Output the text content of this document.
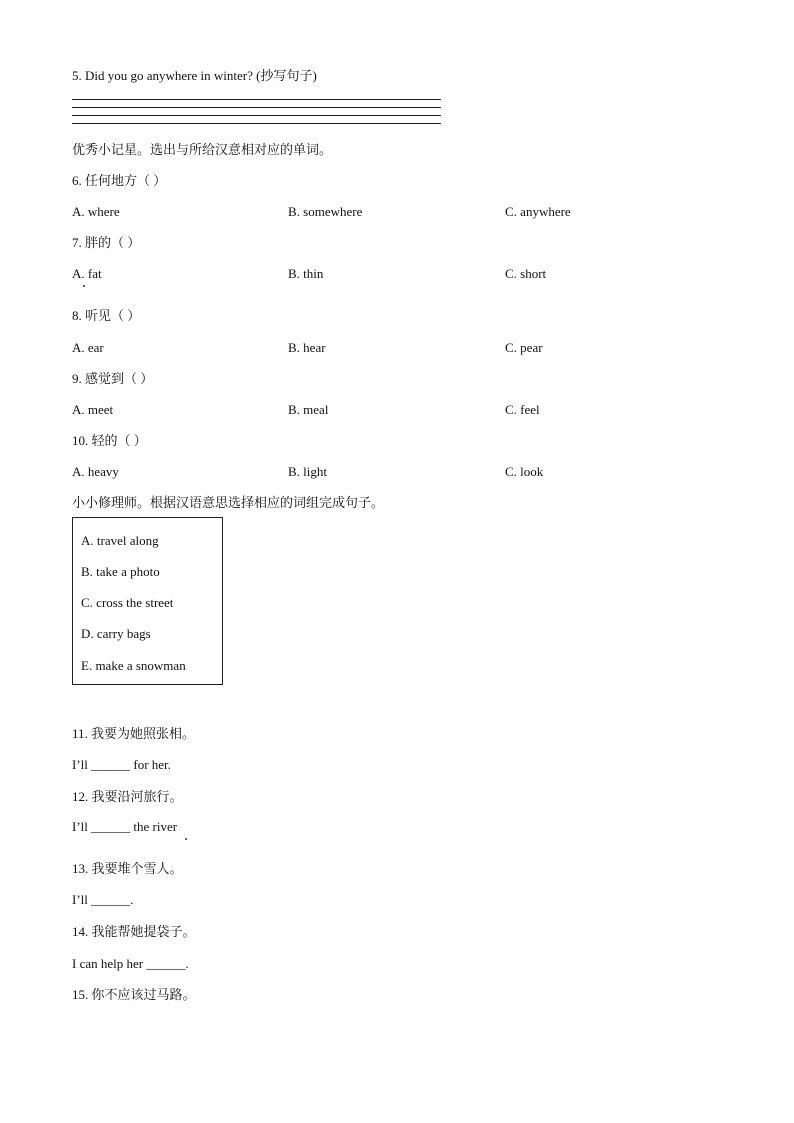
5. Did you go anywhere in winter? (抄写句子)
优秀小记星。选出与所给汉意相对应的单词。
6. 任何地方（ ）
A. where	B. somewhere	C. anywhere
7. 胖的（ ）
A. fat	B. thin	C. short
8. 听见（ ）
A. ear	B. hear	C. pear
9. 感觉到（ ）
A. meet	B. meal	C. feel
10. 轻的（ ）
A. heavy	B. light	C. look
小小修理师。根据汉语意思选择相应的词组完成句子。
A. travel along
B. take a photo
C. cross the street
D. carry bags
E. make a snowman
11. 我要为她照张相。
I’ll ______ for her.
12. 我要沿河旅行。
I’ll ______ the river
13. 我要堆个雪人。
I’ll ______.
14. 我能帮她提袋子。
I can help her ______.
15. 你不应该过马路。
